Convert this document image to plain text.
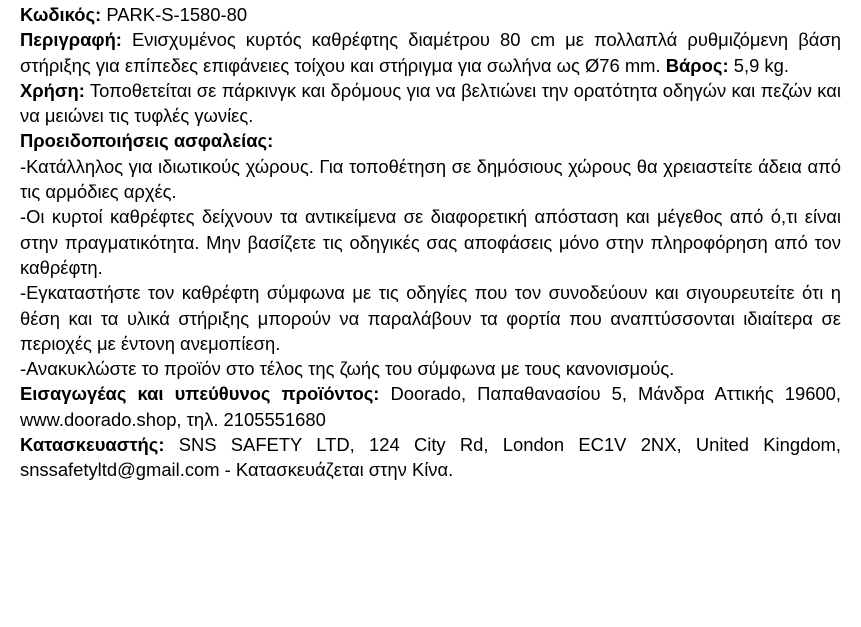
Κωδικός: PARK-S-1580-80

Περιγραφή: Ενισχυμένος κυρτός καθρέφτης διαμέτρου 80 cm με πολλαπλά ρυθμιζόμενη βάση στήριξης για επίπεδες επιφάνειες τοίχου και στήριγμα για σωλήνα ως Ø76 mm. Βάρος: 5,9 kg.

Χρήση: Τοποθετείται σε πάρκινγκ και δρόμους για να βελτιώνει την ορατότητα οδηγών και πεζών και να μειώνει τις τυφλές γωνίες.

Προειδοποιήσεις ασφαλείας:

-Κατάλληλος για ιδιωτικούς χώρους. Για τοποθέτηση σε δημόσιους χώρους θα χρειαστείτε άδεια από τις αρμόδιες αρχές.

-Οι κυρτοί καθρέφτες δείχνουν τα αντικείμενα σε διαφορετική απόσταση και μέγεθος από ό,τι είναι στην πραγματικότητα. Μην βασίζετε τις οδηγικές σας αποφάσεις μόνο στην πληροφόρηση από τον καθρέφτη.

-Εγκαταστήστε τον καθρέφτη σύμφωνα με τις οδηγίες που τον συνοδεύουν και σιγουρευτείτε ότι η θέση και τα υλικά στήριξης μπορούν να παραλάβουν τα φορτία που αναπτύσσονται ιδιαίτερα σε περιοχές με έντονη ανεμοπίεση.

-Ανακυκλώστε το προϊόν στο τέλος της ζωής του σύμφωνα με τους κανονισμούς.

Εισαγωγέας και υπεύθυνος προϊόντος: Doorado, Παπαθανασίου 5, Μάνδρα Αττικής 19600, www.doorado.shop, τηλ. 2105551680

Κατασκευαστής: SNS SAFETY LTD, 124 City Rd, London EC1V 2NX, United Kingdom, snssafetyltd@gmail.com - Κατασκευάζεται στην Κίνα.
